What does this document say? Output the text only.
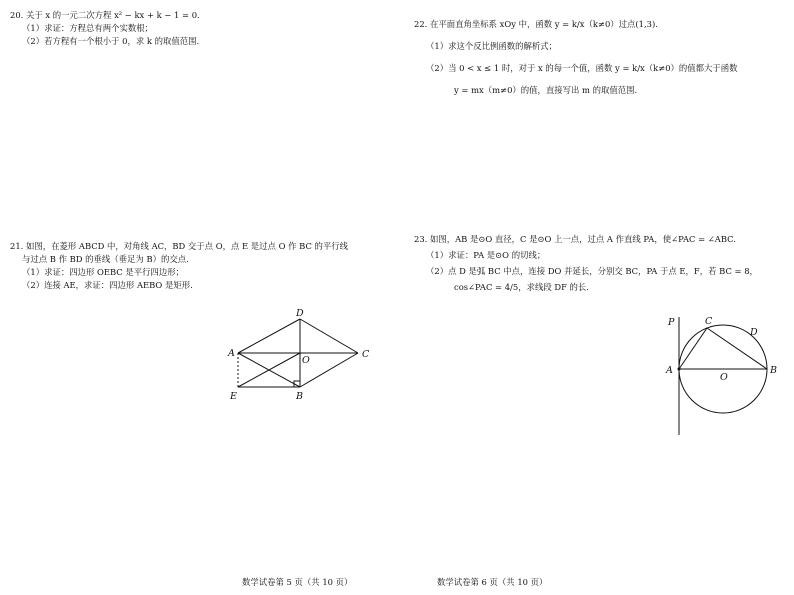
20. 关于 x 的一元二次方程 x² − kx + k − 1 = 0.
（1）求证：方程总有两个实数根；
（2）若方程有一个根小于 0，求 k 的取值范围.
21. 如图，在菱形 ABCD 中，对角线 AC，BD 交于点 O，点 E 是过点 O 作 BC 的平行线
与过点 B 作 BD 的垂线（垂足为 B）的交点.
（1）求证：四边形 OEBC 是平行四边形；
（2）连接 AE，求证：四边形 AEBO 是矩形.
A
D
C
O
E	B
22. 在平面直角坐标系 xOy 中，函数 y = k/x（k≠0）过点(1,3).
（1）求这个反比例函数的解析式；
（2）当 0 < x ≤ 1 时，对于 x 的每一个值，函数 y = k/x（k≠0）的值都大于函数
y = mx（m≠0）的值，直接写出 m 的取值范围.
23. 如图，AB 是⊙O 直径，C 是⊙O 上一点，过点 A 作直线 PA，使∠PAC = ∠ABC.
（1）求证：PA 是⊙O 的切线；
（2）点 D 是弧 BC 中点，连接 DO 并延长，分别交 BC，PA 于点 E，F，若 BC = 8，
cos∠PAC = 4/5，求线段 DF 的长.
P	C
D
A
O
B
数学试卷第 5 页（共 10 页）	数学试卷第 6 页（共 10 页）
